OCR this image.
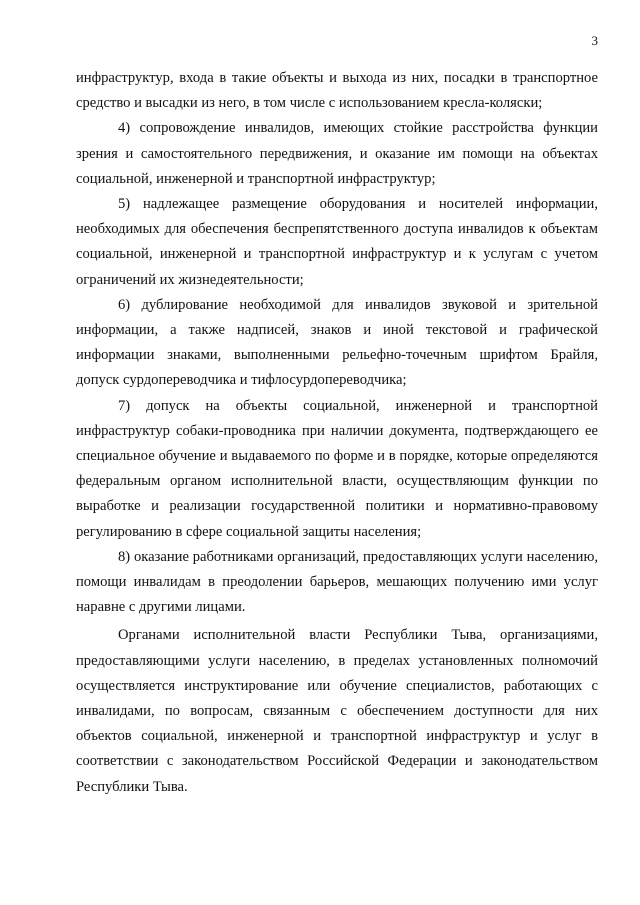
3

инфраструктур, входа в такие объекты и выхода из них, посадки в транспортное средство и высадки из него, в том числе с использованием кресла-коляски;

4) сопровождение инвалидов, имеющих стойкие расстройства функции зрения и самостоятельного передвижения, и оказание им помощи на объектах социальной, инженерной и транспортной инфраструктур;

5) надлежащее размещение оборудования и носителей информации, необходимых для обеспечения беспрепятственного доступа инвалидов к объектам социальной, инженерной и транспортной инфраструктур и к услугам с учетом ограничений их жизнедеятельности;

6) дублирование необходимой для инвалидов звуковой и зрительной информации, а также надписей, знаков и иной текстовой и графической информации знаками, выполненными рельефно-точечным шрифтом Брайля, допуск сурдопереводчика и тифлосурдопереводчика;

7) допуск на объекты социальной, инженерной и транспортной инфраструктур собаки-проводника при наличии документа, подтверждающего ее специальное обучение и выдаваемого по форме и в порядке, которые определяются федеральным органом исполнительной власти, осуществляющим функции по выработке и реализации государственной политики и нормативно-правовому регулированию в сфере социальной защиты населения;

8) оказание работниками организаций, предоставляющих услуги населению, помощи инвалидам в преодолении барьеров, мешающих получению ими услуг наравне с другими лицами.

Органами исполнительной власти Республики Тыва, организациями, предоставляющими услуги населению, в пределах установленных полномочий осуществляется инструктирование или обучение специалистов, работающих с инвалидами, по вопросам, связанным с обеспечением доступности для них объектов социальной, инженерной и транспортной инфраструктур и услуг в соответствии с законодательством Российской Федерации и законодательством Республики Тыва.
